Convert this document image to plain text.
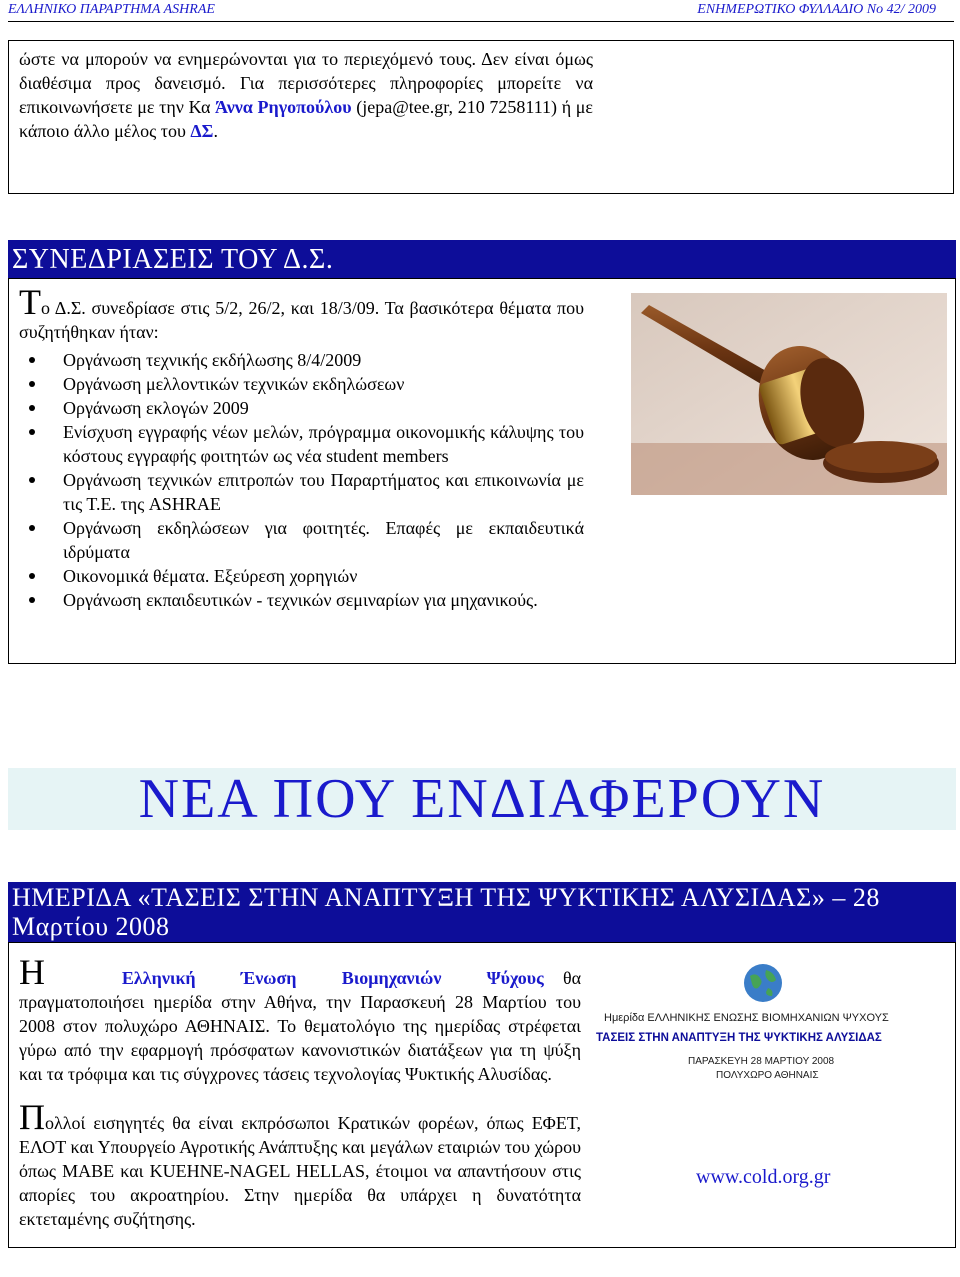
ΕΛΛΗΝΙΚΟ ΠΑΡΑΡΤΗΜΑ ASHRAE	ΕΝΗΜΕΡΩΤΙΚΟ ΦΥΛΛΑΔΙΟ Νο 42/ 2009

ώστε να μπορούν να ενημερώνονται για το περιεχόμενό τους. Δεν είναι όμως διαθέσιμα προς δανεισμό. Για περισσότερες πληροφορίες μπορείτε να επικοινωνήσετε με την Κα Άννα Ρηγοπούλου (jepa@tee.gr, 210 7258111) ή με κάποιο άλλο μέλος του ΔΣ.

ΣΥΝΕΔΡΙΑΣΕΙΣ ΤΟΥ Δ.Σ.

Το Δ.Σ. συνεδρίασε στις 5/2, 26/2, και 18/3/09. Τα βασικότερα θέματα που συζητήθηκαν ήταν:

Οργάνωση τεχνικής εκδήλωσης 8/4/2009
Οργάνωση μελλοντικών τεχνικών εκδηλώσεων
Οργάνωση εκλογών 2009
Ενίσχυση εγγραφής νέων μελών, πρόγραμμα οικονομικής κάλυψης του κόστους εγγραφής φοιτητών ως νέα student members
Οργάνωση τεχνικών επιτροπών του Παραρτήματος και επικοινωνία με τις Τ.Ε. της ASHRAE
Οργάνωση εκδηλώσεων για φοιτητές. Επαφές με εκπαιδευτικά ιδρύματα
Οικονομικά θέματα. Εξεύρεση χορηγιών
Οργάνωση εκπαιδευτικών - τεχνικών σεμιναρίων για μηχανικούς.
ΝΕΑ ΠΟΥ ΕΝΔΙΑΦΕΡΟΥΝ
ΗΜΕΡΙΔΑ «ΤΑΣΕΙΣ ΣΤΗΝ ΑΝΑΠΤΥΞΗ ΤΗΣ ΨΥΚΤΙΚΗΣ ΑΛΥΣΙΔΑΣ» – 28 Μαρτίου 2008

Η	Ελληνική Ένωση Βιομηχανιών Ψύχους θα πραγματοποιήσει ημερίδα στην Αθήνα, την Παρασκευή 28 Μαρτίου του 2008 στον πολυχώρο ΑΘΗΝΑΙΣ. Το θεματολόγιο της ημερίδας στρέφεται γύρω από την εφαρμογή πρόσφατων κανονιστικών διατάξεων για τη ψύξη και τα τρόφιμα και τις σύγχρονες τάσεις τεχνολογίας Ψυκτικής Αλυσίδας.

Πολλοί εισηγητές θα είναι εκπρόσωποι Κρατικών φορέων, όπως ΕΦΕΤ, ΕΛΟΤ και Υπουργείο Αγροτικής Ανάπτυξης και μεγάλων εταιριών του χώρου όπως ΜΑΒΕ και KUEHNE-NAGEL HELLAS, έτοιμοι να απαντήσουν στις απορίες του ακροατηρίου. Στην ημερίδα θα υπάρχει η δυνατότητα εκτεταμένης συζήτησης.

Ημερίδα ΕΛΛΗΝΙΚΗΣ ΕΝΩΣΗΣ ΒΙΟΜΗΧΑΝΙΩΝ ΨΥΧΟΥΣ
ΤΑΣΕΙΣ ΣΤΗΝ ΑΝΑΠΤΥΞΗ ΤΗΣ ΨΥΚΤΙΚΗΣ ΑΛΥΣΙΔΑΣ
ΠΑΡΑΣΚΕΥΗ 28 ΜΑΡΤΙΟΥ 2008
ΠΟΛΥΧΩΡΟ ΑΘΗΝΑΙΣ
www.cold.org.gr
